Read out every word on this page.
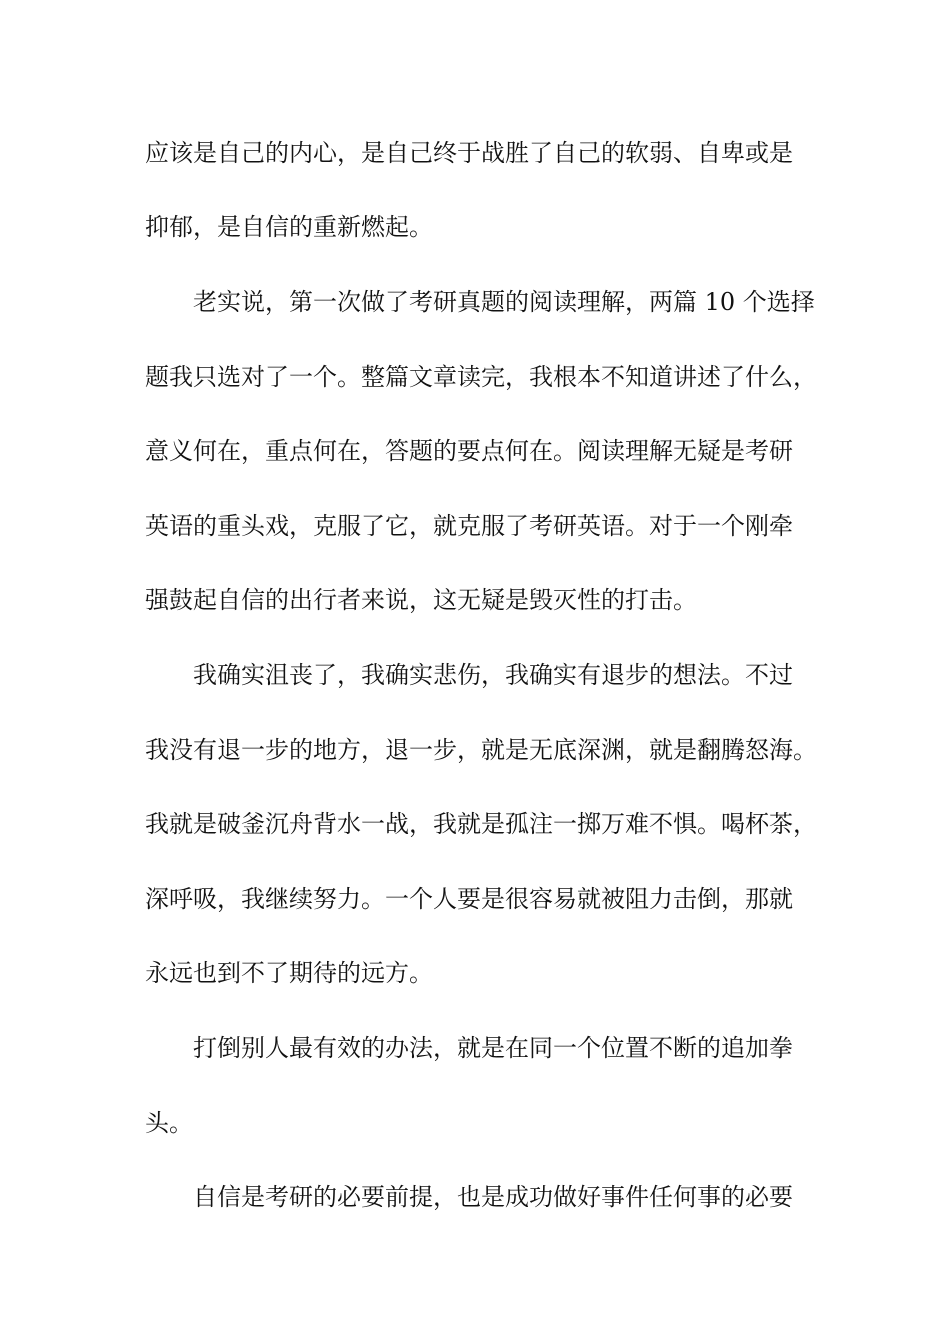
应该是自己的内心，是自己终于战胜了自己的软弱、自卑或是
抑郁，是自信的重新燃起。
老实说，第一次做了考研真题的阅读理解，两篇 10 个选择
题我只选对了一个。整篇文章读完，我根本不知道讲述了什么，
意义何在，重点何在，答题的要点何在。阅读理解无疑是考研
英语的重头戏，克服了它，就克服了考研英语。对于一个刚牵
强鼓起自信的出行者来说，这无疑是毁灭性的打击。
我确实沮丧了，我确实悲伤，我确实有退步的想法。不过
我没有退一步的地方，退一步，就是无底深渊，就是翻腾怒海。
我就是破釜沉舟背水一战，我就是孤注一掷万难不惧。喝杯茶，
深呼吸，我继续努力。一个人要是很容易就被阻力击倒，那就
永远也到不了期待的远方。
打倒别人最有效的办法，就是在同一个位置不断的追加拳
头。
自信是考研的必要前提，也是成功做好事件任何事的必要
